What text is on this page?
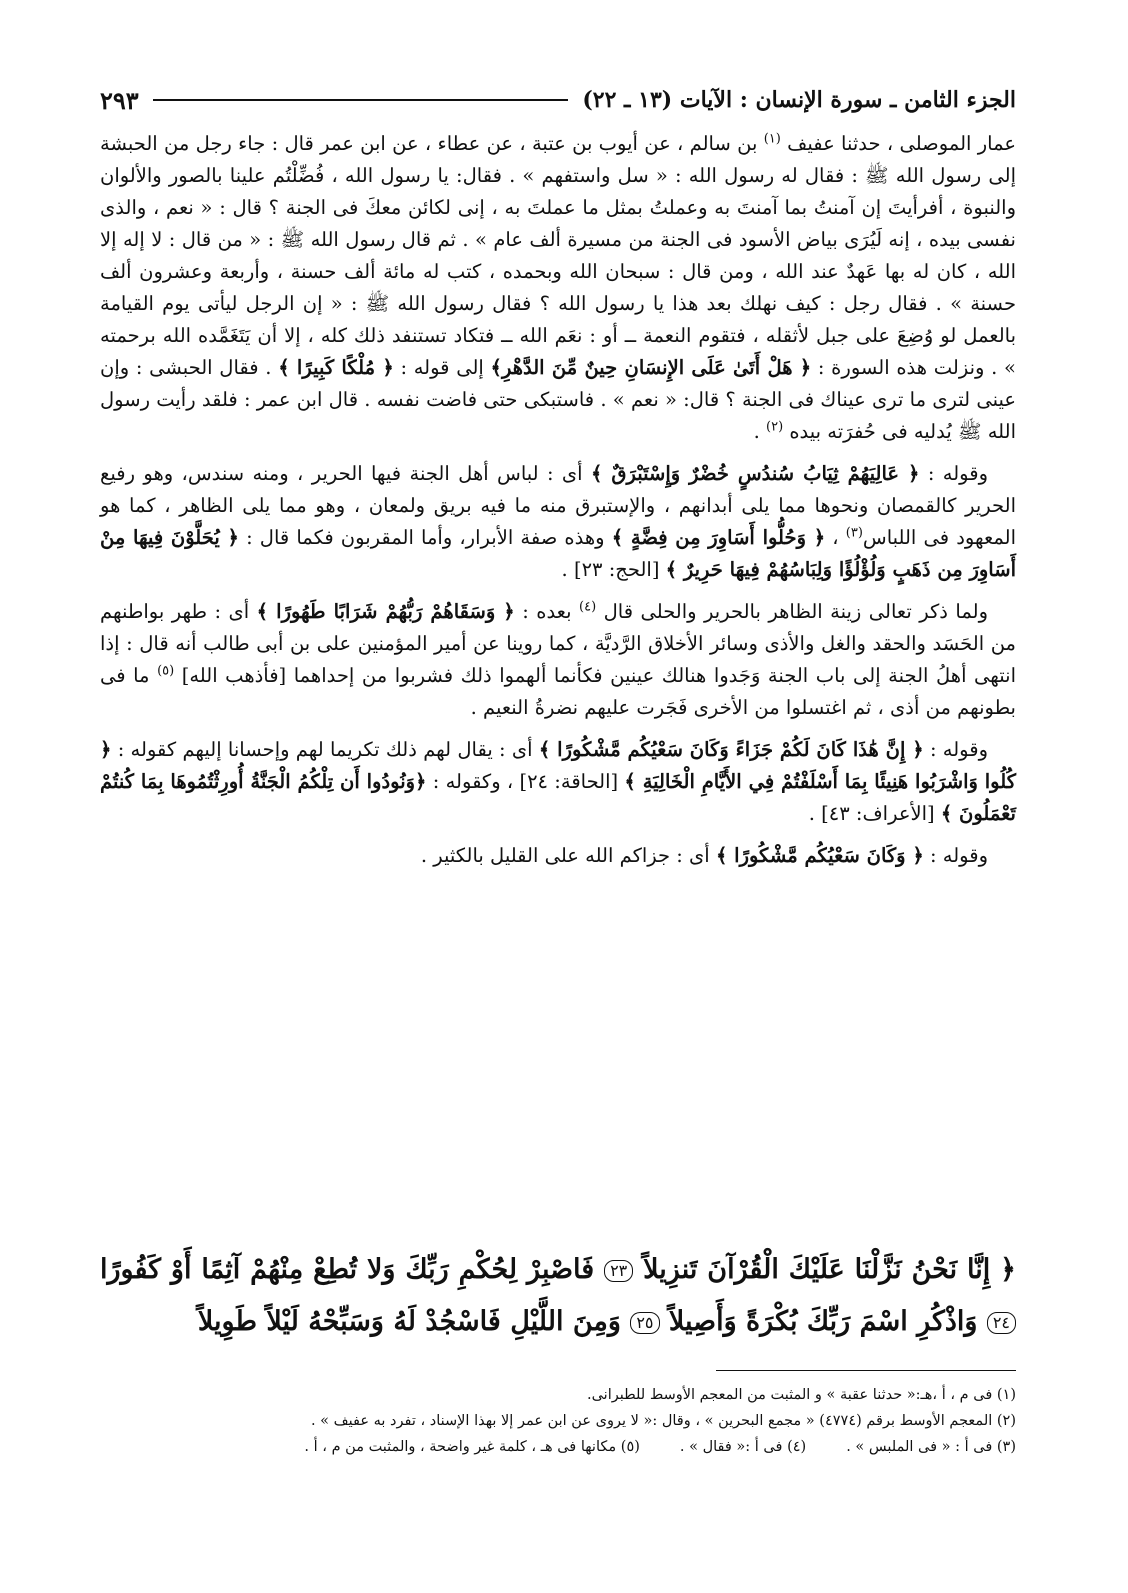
الجزء الثامن ـ سورة الإنسان : الآيات (١٣ ـ ٢٢)
٢٩٣

عمار الموصلى ، حدثنا عفيف $^{(١)}$ بن سالم ، عن أيوب بن عتبة ، عن عطاء ، عن ابن عمر قال : جاء رجل من الحبشة إلى رسول الله ﷺ : فقال له رسول الله : « سل واستفهم » . فقال: يا رسول الله ، فُضِّلْتُم علينا بالصور والألوان والنبوة ، أفرأيتَ إن آمنتُ بما آمنتَ به وعملتُ بمثل ما عملتَ به ، إنى لكائن معكَ فى الجنة ؟ قال : « نعم ، والذى نفسى بيده ، إنه لَيُرَى بياض الأسود فى الجنة من مسيرة ألف عام » . ثم قال رسول الله ﷺ : « من قال : لا إله إلا الله ، كان له بها عَهدٌ عند الله ، ومن قال : سبحان الله وبحمده ، كتب له مائة ألف حسنة ، وأربعة وعشرون ألف حسنة » . فقال رجل : كيف نهلك بعد هذا يا رسول الله ؟ فقال رسول الله ﷺ : « إن الرجل ليأتى يوم القيامة بالعمل لو وُضِعَ على جبل لأثقله ، فتقوم النعمة ــ أو : نعَم الله ــ فتكاد تستنفد ذلك كله ، إلا أن يَتَغَمَّده الله برحمته » . ونزلت هذه السورة : ﴿ هَلْ أَتَىٰ عَلَى الإِنسَانِ حِينٌ مِّنَ الدَّهْرِ﴾ إلى قوله : ﴿ مُلْكًا كَبِيرًا ﴾ . فقال الحبشى : وإن عينى لترى ما ترى عيناك فى الجنة ؟ قال: « نعم » . فاستبكى حتى فاضت نفسه . قال ابن عمر : فلقد رأيت رسول الله ﷺ يُدليه فى حُفرَته بيده $^{(٢)}$ .

وقوله : ﴿ عَالِيَهُمْ ثِيَابُ سُندُسٍ خُضْرٌ وَإِسْتَبْرَقٌ ﴾ أى : لباس أهل الجنة فيها الحرير ، ومنه سندس، وهو رفيع الحرير كالقمصان ونحوها مما يلى أبدانهم ، والإستبرق منه ما فيه بريق ولمعان ، وهو مما يلى الظاهر ، كما هو المعهود فى اللباس$^{(٣)}$ ، ﴿ وَحُلُّوا أَسَاوِرَ مِن فِضَّةٍ ﴾ وهذه صفة الأبرار، وأما المقربون فكما قال : ﴿ يُحَلَّوْنَ فِيهَا مِنْ أَسَاوِرَ مِن ذَهَبٍ وَلُؤْلُؤًا وَلِبَاسُهُمْ فِيهَا حَرِيرٌ ﴾ [الحج: ٢٣] .

ولما ذكر تعالى زينة الظاهر بالحرير والحلى قال $^{(٤)}$ بعده : ﴿ وَسَقَاهُمْ رَبُّهُمْ شَرَابًا طَهُورًا ﴾ أى : طهر بواطنهم من الحَسَد والحقد والغل والأذى وسائر الأخلاق الرَّديَّة ، كما روينا عن أمير المؤمنين على بن أبى طالب أنه قال : إذا انتهى أهلُ الجنة إلى باب الجنة وَجَدوا هنالك عينين فكأنما ألهموا ذلك فشربوا من إحداهما [فأذهب الله] $^{(٥)}$ ما فى بطونهم من أذى ، ثم اغتسلوا من الأخرى فَجَرت عليهم نضرةُ النعيم .

وقوله : ﴿ إِنَّ هَٰذَا كَانَ لَكُمْ جَزَاءً وَكَانَ سَعْيُكُم مَّشْكُورًا ﴾ أى : يقال لهم ذلك تكريما لهم وإحسانا إليهم كقوله : ﴿ كُلُوا وَاشْرَبُوا هَنِيئًا بِمَا أَسْلَفْتُمْ فِي الأَيَّامِ الْخَالِيَةِ ﴾ [الحاقة: ٢٤] ، وكقوله : ﴿وَنُودُوا أَن تِلْكُمُ الْجَنَّةُ أُورِثْتُمُوهَا بِمَا كُنتُمْ تَعْمَلُونَ ﴾ [الأعراف: ٤٣] .

وقوله : ﴿ وَكَانَ سَعْيُكُم مَّشْكُورًا ﴾ أى : جزاكم الله على القليل بالكثير .

﴿ إِنَّا نَحْنُ نَزَّلْنَا عَلَيْكَ الْقُرْآنَ تَنزِيلاً ٢٣ فَاصْبِرْ لِحُكْمِ رَبِّكَ وَلا تُطِعْ مِنْهُمْ آثِمًا أَوْ كَفُورًا ٢٤ وَاذْكُرِ اسْمَ رَبِّكَ بُكْرَةً وَأَصِيلاً ٢٥ وَمِنَ اللَّيْلِ فَاسْجُدْ لَهُ وَسَبِّحْهُ لَيْلاً طَوِيلاً
(١) فى م ، أ ،هـ:« حدثنا عقبة » و المثبت من المعجم الأوسط للطبرانى.
(٢) المعجم الأوسط برقم (٤٧٧٤) « مجمع البحرين » ، وقال :« لا يروى عن ابن عمر إلا بهذا الإسناد ، تفرد به عفيف » .
(٣) فى أ : « فى الملبس » .(٤) فى أ :« فقال » .(٥) مكانها فى هـ ، كلمة غير واضحة ، والمثبت من م ، أ .
